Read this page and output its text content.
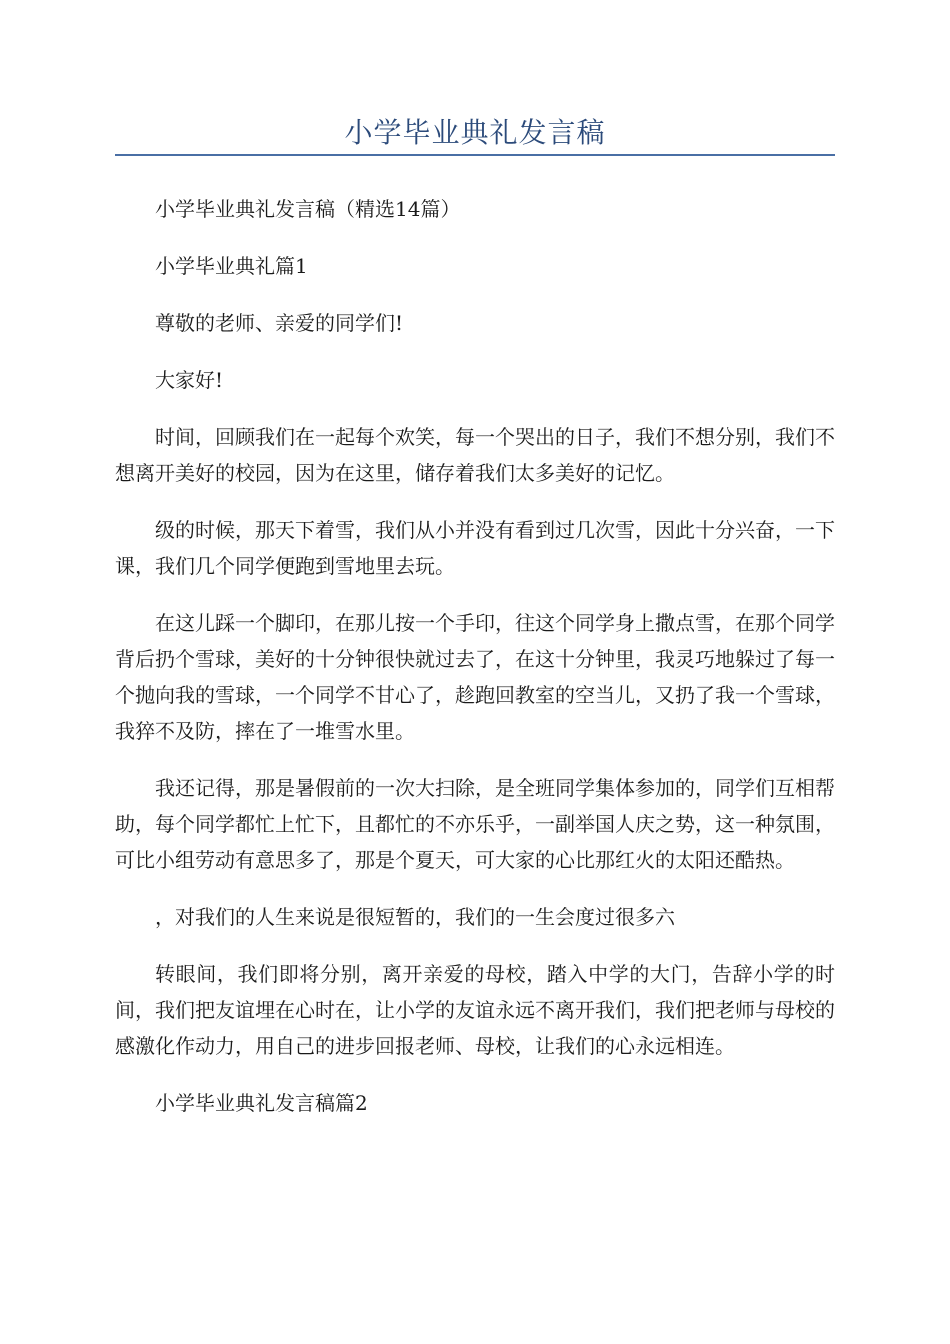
小学毕业典礼发言稿

小学毕业典礼发言稿（精选14篇）

小学毕业典礼篇1

尊敬的老师、亲爱的同学们!

大家好!

时间，回顾我们在一起每个欢笑，每一个哭出的日子，我们不想分别，我们不想离开美好的校园，因为在这里，储存着我们太多美好的记忆。

级的时候，那天下着雪，我们从小并没有看到过几次雪，因此十分兴奋，一下课，我们几个同学便跑到雪地里去玩。

在这儿踩一个脚印，在那儿按一个手印，往这个同学身上撒点雪，在那个同学背后扔个雪球，美好的十分钟很快就过去了，在这十分钟里，我灵巧地躲过了每一个抛向我的雪球，一个同学不甘心了，趁跑回教室的空当儿，又扔了我一个雪球，我猝不及防，摔在了一堆雪水里。

我还记得，那是暑假前的一次大扫除，是全班同学集体参加的，同学们互相帮助，每个同学都忙上忙下，且都忙的不亦乐乎，一副举国人庆之势，这一种氛围，可比小组劳动有意思多了，那是个夏天，可大家的心比那红火的太阳还酷热。

，对我们的人生来说是很短暂的，我们的一生会度过很多六

转眼间，我们即将分别，离开亲爱的母校，踏入中学的大门，告辞小学的时间，我们把友谊埋在心时在，让小学的友谊永远不离开我们，我们把老师与母校的感激化作动力，用自己的进步回报老师、母校，让我们的心永远相连。

小学毕业典礼发言稿篇2
